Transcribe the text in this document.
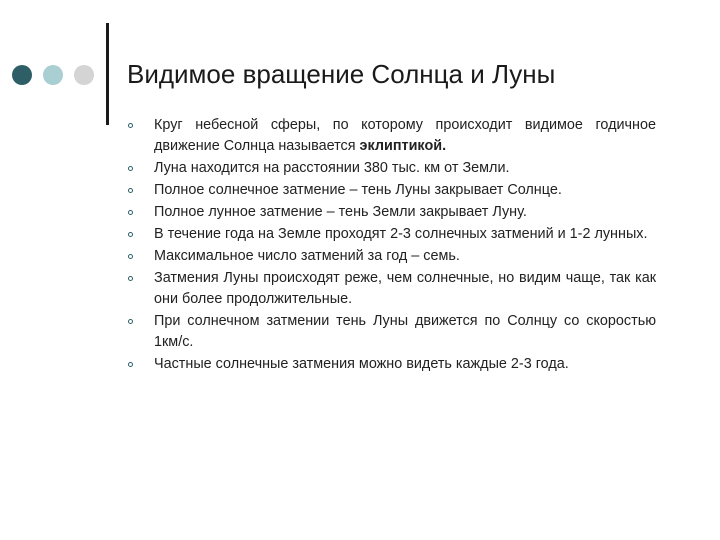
Видимое вращение Солнца и Луны
Круг небесной сферы, по которому происходит видимое годичное движение Солнца называется эклиптикой.
Луна находится на расстоянии 380 тыс. км от Земли.
Полное солнечное затмение – тень Луны закрывает Солнце.
Полное лунное затмение – тень Земли закрывает Луну.
В течение года на Земле проходят 2-3 солнечных затмений и 1-2 лунных.
Максимальное число затмений за год – семь.
Затмения Луны происходят реже, чем солнечные, но видим чаще, так как они более продолжительные.
При солнечном затмении тень Луны движется по Солнцу со скоростью 1км/с.
Частные солнечные затмения можно видеть каждые 2-3 года.
